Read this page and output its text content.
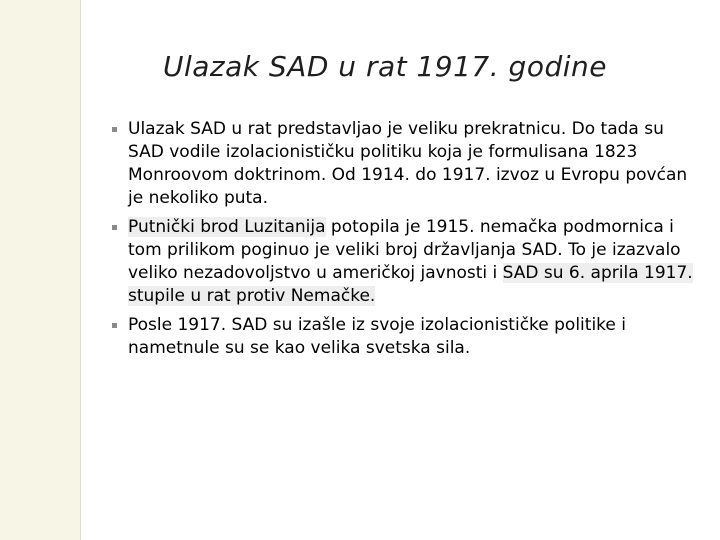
Ulazak SAD u rat 1917. godine
Ulazak SAD u rat predstavljao je veliku prekratnicu. Do tada su SAD vodile izolacionističku politiku koja je formulisana 1823 Monroovom doktrinom. Od 1914. do 1917. izvoz u Evropu povćan je nekoliko puta.
Putnički brod Luzitanija potopila je 1915. nemačka podmornica i tom prilikom poginuo je veliki broj državljanja SAD. To je izazvalo veliko nezadovoljstvo u američkoj javnosti i SAD su 6. aprila 1917. stupile u rat protiv Nemačke.
Posle 1917. SAD su izašle iz svoje izolacionističke politike i nametnule su se kao velika svetska sila.
